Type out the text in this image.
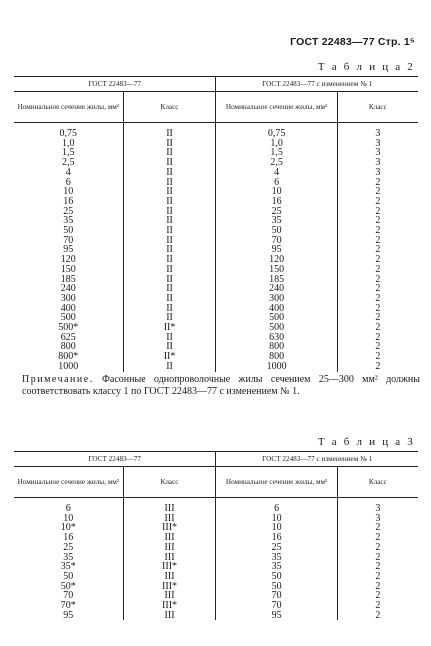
ГОСТ 22483—77 Стр. 1⁵
Т а б л и ц а 2
ГОСТ 22483—77		ГОСТ 22483—77 с изменением № 1	
Номинальное сечение жилы, мм²	Класс	Номинальное сечение жилы, мм²	Класс

0,75	II	0,75	3
1,0	II	1,0	3
1,5	II	1,5	3
2,5	II	2,5	3
4	II	4	3
6	II	6	2
10	II	10	2
16	II	16	2
25	II	25	2
35	II	35	2
50	II	50	2
70	II	70	2
95	II	95	2
120	II	120	2
150	II	150	2
185	II	185	2
240	II	240	2
300	II	300	2
400	II	400	2
500	II	500	2
500*	II*	500	2
625	II	630	2
800	II	800	2
800*	II*	800	2
1000	II	1000	2
Примечание. Фасонные однопроволочные жилы сечением 25—300 мм² должны соответствовать классу 1 по ГОСТ 22483—77 с изменением № 1.
Т а б л и ц а 3
ГОСТ 22483—77		ГОСТ 22483—77 с изменением № 1	
Номинальное сечение жилы, мм²	Класс	Номинальное сечение жилы, мм²	Класс

6	III	6	3
10	III	10	3
10*	III*	10	2
16	III	16	2
25	III	25	2
35	III	35	2
35*	III*	35	2
50	III	50	2
50*	III*	50	2
70	III	70	2
70*	III*	70	2
95	III	95	2
